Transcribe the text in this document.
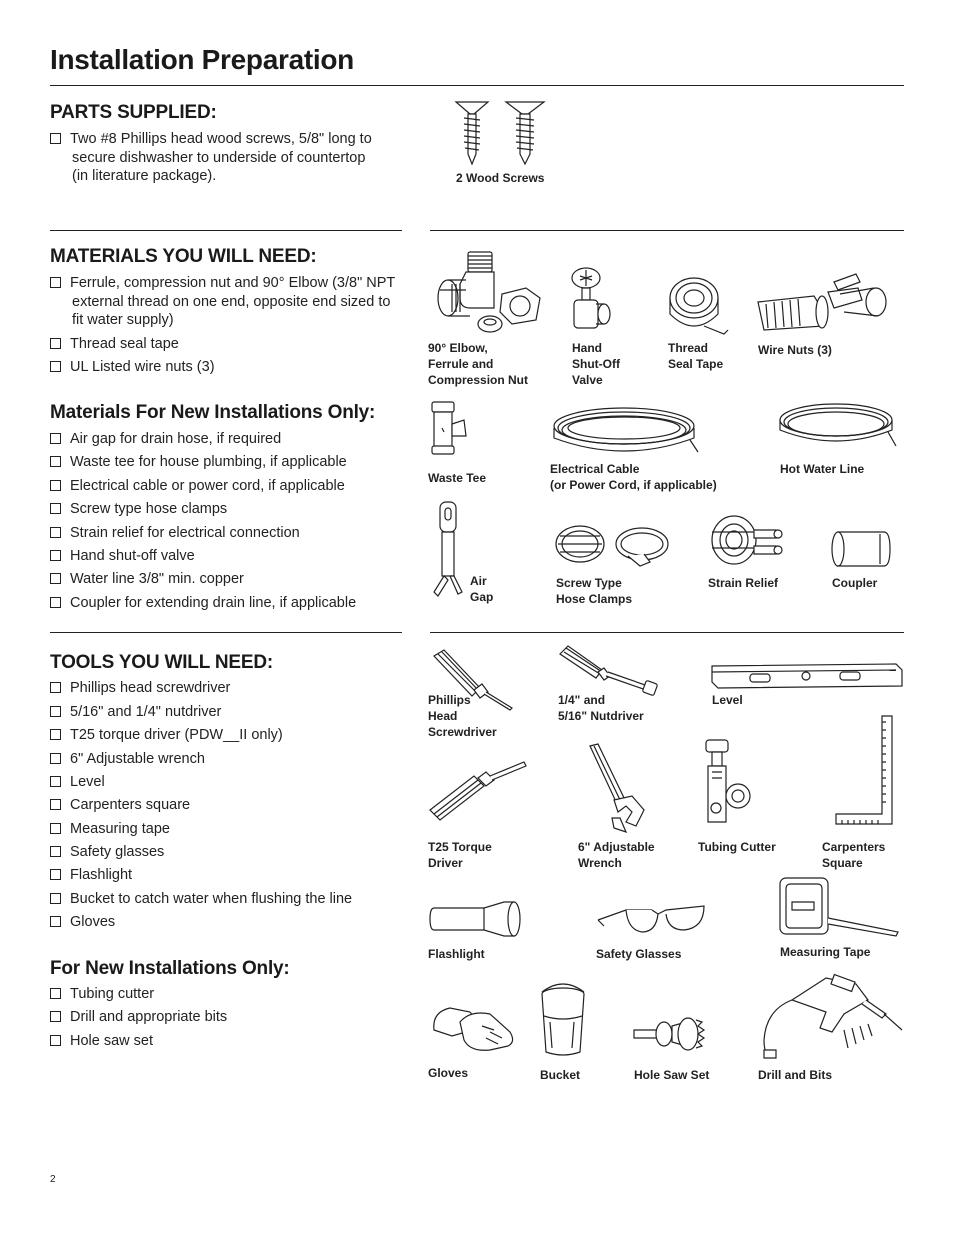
Installation Preparation
PARTS SUPPLIED:
Two #8 Phillips head wood screws, 5/8" long to
secure dishwasher to underside of countertop
(in literature package).	2 Wood Screws
MATERIALS YOU WILL NEED:
Ferrule, compression nut and 90° Elbow (3/8" NPT
external thread on one end, opposite end sized to
fit water supply)
Thread seal tape
UL Listed wire nuts (3)
90° Elbow,
Ferrule and
Compression Nut
Hand
Shut-Off
Valve
Thread
Seal Tape
Wire Nuts (3)
Materials For New Installations Only:
Air gap for drain hose, if required
Waste tee for house plumbing, if applicable
Electrical cable or power cord, if applicable
Screw type hose clamps
Strain relief for electrical connection
Hand shut-off valve
Water line 3/8" min. copper
Coupler for extending drain line, if applicable
Waste Tee
Electrical Cable
(or Power Cord, if applicable)
Hot Water Line
Air
Gap
Screw Type
Hose Clamps
Strain Relief	Coupler
TOOLS YOU WILL NEED:
Phillips head screwdriver
5/16" and 1/4" nutdriver
T25 torque driver (PDW__II only)
6" Adjustable wrench
Level
Carpenters square
Measuring tape
Safety glasses
Flashlight
Bucket to catch water when flushing the line
Gloves
For New Installations Only:
Tubing cutter
Drill and appropriate bits
Hole saw set
Phillips
Head
Screwdriver
1/4" and
5/16" Nutdriver
Level
T25 Torque
Driver
6" Adjustable
Wrench
Tubing Cutter	Carpenters
Square
Flashlight	Safety Glasses	Measuring Tape
Gloves	Bucket	Hole Saw Set	Drill and Bits
2
